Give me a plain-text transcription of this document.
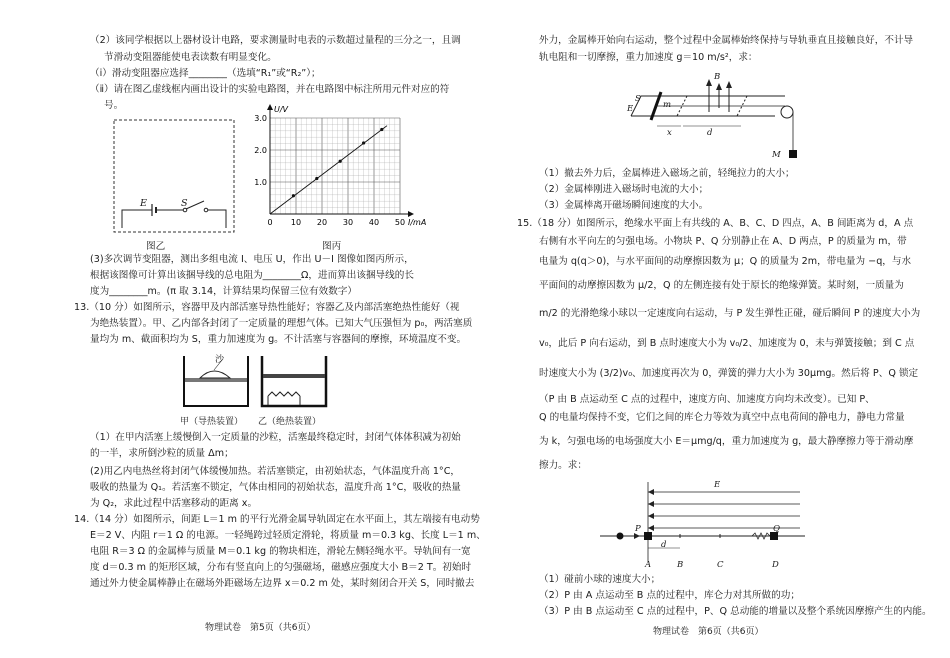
（2）该同学根据以上器材设计电路，要求测量时电表的示数超过量程的三分之一，且调
节滑动变阻器能使电表读数有明显变化。
（ⅰ）滑动变阻器应选择________（选填“R₁”或“R₂”）；
（ⅱ）请在图乙虚线框内画出设计的实验电路图，并在电路图中标注所用元件对应的符
号。
E	S
图乙
0 10 20 30 40 50
1.0
2.0
3.0
U/V
I/mA
图丙
(3)多次调节变阻器，测出多组电流 I、电压 U，作出 U－I 图像如图丙所示，
根据该图像可计算出该捆导线的总电阻为________Ω，进而算出该捆导线的长
度为________m。(π 取 3.14，计算结果均保留三位有效数字）
13.（10 分）如图所示，容器甲及内部活塞导热性能好；容器乙及内部活塞绝热性能好（视
为绝热装置）。甲、乙内部各封闭了一定质量的理想气体。已知大气压强恒为 p₀，两活塞质
量均为 m、截面积均为 S，重力加速度为 g。不计活塞与容器间的摩擦，环境温度不变。
沙
甲（导热装置） 乙（绝热装置）
（1）在甲内活塞上缓慢倒入一定质量的沙粒，活塞最终稳定时，封闭气体体积减为初始
的一半，求所倒沙粒的质量 Δm；
(2)用乙内电热丝将封闭气体缓慢加热。若活塞锁定，由初始状态，气体温度升高 1°C，
吸收的热量为 Q₁。若活塞不锁定，气体由相同的初始状态，温度升高 1°C，吸收的热量
为 Q₂，求此过程中活塞移动的距离 x。
14.（14 分）如图所示，间距 L＝1 m 的平行光滑金属导轨固定在水平面上，其左端接有电动势
E＝2 V、内阻 r＝1 Ω 的电源。一轻绳跨过轻质定滑轮，将质量 m＝0.3 kg、长度 L＝1 m、
电阻 R＝3 Ω 的金属棒与质量 M＝0.1 kg 的物块相连，滑轮左侧轻绳水平。导轨间有一宽
度 d＝0.3 m 的矩形区域，分布有竖直向上的匀强磁场，磁感应强度大小 B＝2 T。初始时
通过外力使金属棒静止在磁场外距磁场左边界 x＝0.2 m 处，某时刻闭合开关 S，同时撤去
物理试卷　第5页（共6页）
外力，金属棒开始向右运动，整个过程中金属棒始终保持与导轨垂直且接触良好，不计导
轨电阻和一切摩擦，重力加速度 g＝10 m/s²，求：
B
S
E	m
x	d
M
（1）撤去外力后，金属棒进入磁场之前，轻绳拉力的大小；
（2）金属棒刚进入磁场时电流的大小；
（3）金属棒离开磁场瞬间速度的大小。
15.（18 分）如图所示，绝缘水平面上有共线的 A、B、C、D 四点，A、B 间距离为 d，A 点
右侧有水平向左的匀强电场。小物块 P、Q 分别静止在 A、D 两点，P 的质量为 m，带
电量为 q(q＞0)，与水平面间的动摩擦因数为 μ；Q 的质量为 2m，带电量为 −q，与水
平面间的动摩擦因数为 μ/2，Q 的左侧连接有处于原长的绝缘弹簧。某时刻，一质量为
m/2 的光滑绝缘小球以一定速度向右运动，与 P 发生弹性正碰，碰后瞬间 P 的速度大小为
v₀，此后 P 向右运动，到 B 点时速度大小为 v₀/2、加速度为 0，未与弹簧接触；到 C 点
时速度大小为 (3/2)v₀、加速度再次为 0，弹簧的弹力大小为 30μmg。然后将 P、Q 锁定
（P 由 B 点运动至 C 点的过程中，速度方向、加速度方向均未改变）。已知 P、
Q 的电量均保持不变，它们之间的库仑力等效为真空中点电荷间的静电力，静电力常量
为 k，匀强电场的电场强度大小 E＝μmg/q，重力加速度为 g，最大静摩擦力等于滑动摩
擦力。求：
E
P	Q
A	B	C	D
d
（1）碰前小球的速度大小；
（2）P 由 A 点运动至 B 点的过程中，库仑力对其所做的功；
（3）P 由 B 点运动至 C 点的过程中，P、Q 总动能的增量以及整个系统因摩擦产生的内能。
物理试卷　第6页（共6页）
